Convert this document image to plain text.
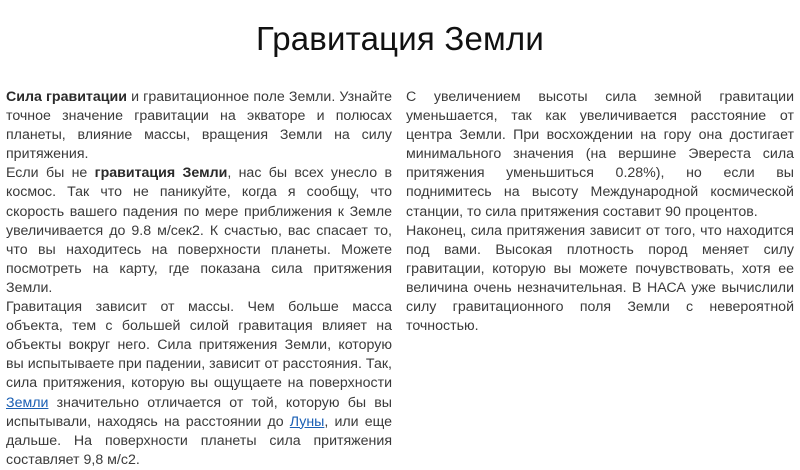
Гравитация Земли

Сила гравитации и гравитационное поле Земли. Узнайте точное значение гравитации на экваторе и полюсах планеты, влияние массы, вращения Земли на силу притяжения.

Если бы не гравитация Земли, нас бы всех унесло в космос. Так что не паникуйте, когда я сообщу, что скорость вашего падения по мере приближения к Земле увеличивается до 9.8 м/сек2. К счастью, вас спасает то, что вы находитесь на поверхности планеты. Можете посмотреть на карту, где показана сила притяжения Земли.

Гравитация зависит от массы. Чем больше масса объекта, тем с большей силой гравитация влияет на объекты вокруг него. Сила притяжения Земли, которую вы испытываете при падении, зависит от расстояния. Так, сила притяжения, которую вы ощущаете на поверхности Земли значительно отличается от той, которую бы вы испытывали, находясь на расстоянии до Луны, или еще дальше. На поверхности планеты сила притяжения составляет 9,8 м/с2.

С увеличением высоты сила земной гравитации уменьшается, так как увеличивается расстояние от центра Земли. При восхождении на гору она достигает минимального значения (на вершине Эвереста сила притяжения уменьшиться 0.28%), но если вы поднимитесь на высоту Международной космической станции, то сила притяжения составит 90 процентов.

Наконец, сила притяжения зависит от того, что находится под вами. Высокая плотность пород меняет силу гравитации, которую вы можете почувствовать, хотя ее величина очень незначительная. В НАСА уже вычислили силу гравитационного поля Земли с невероятной точностью.
